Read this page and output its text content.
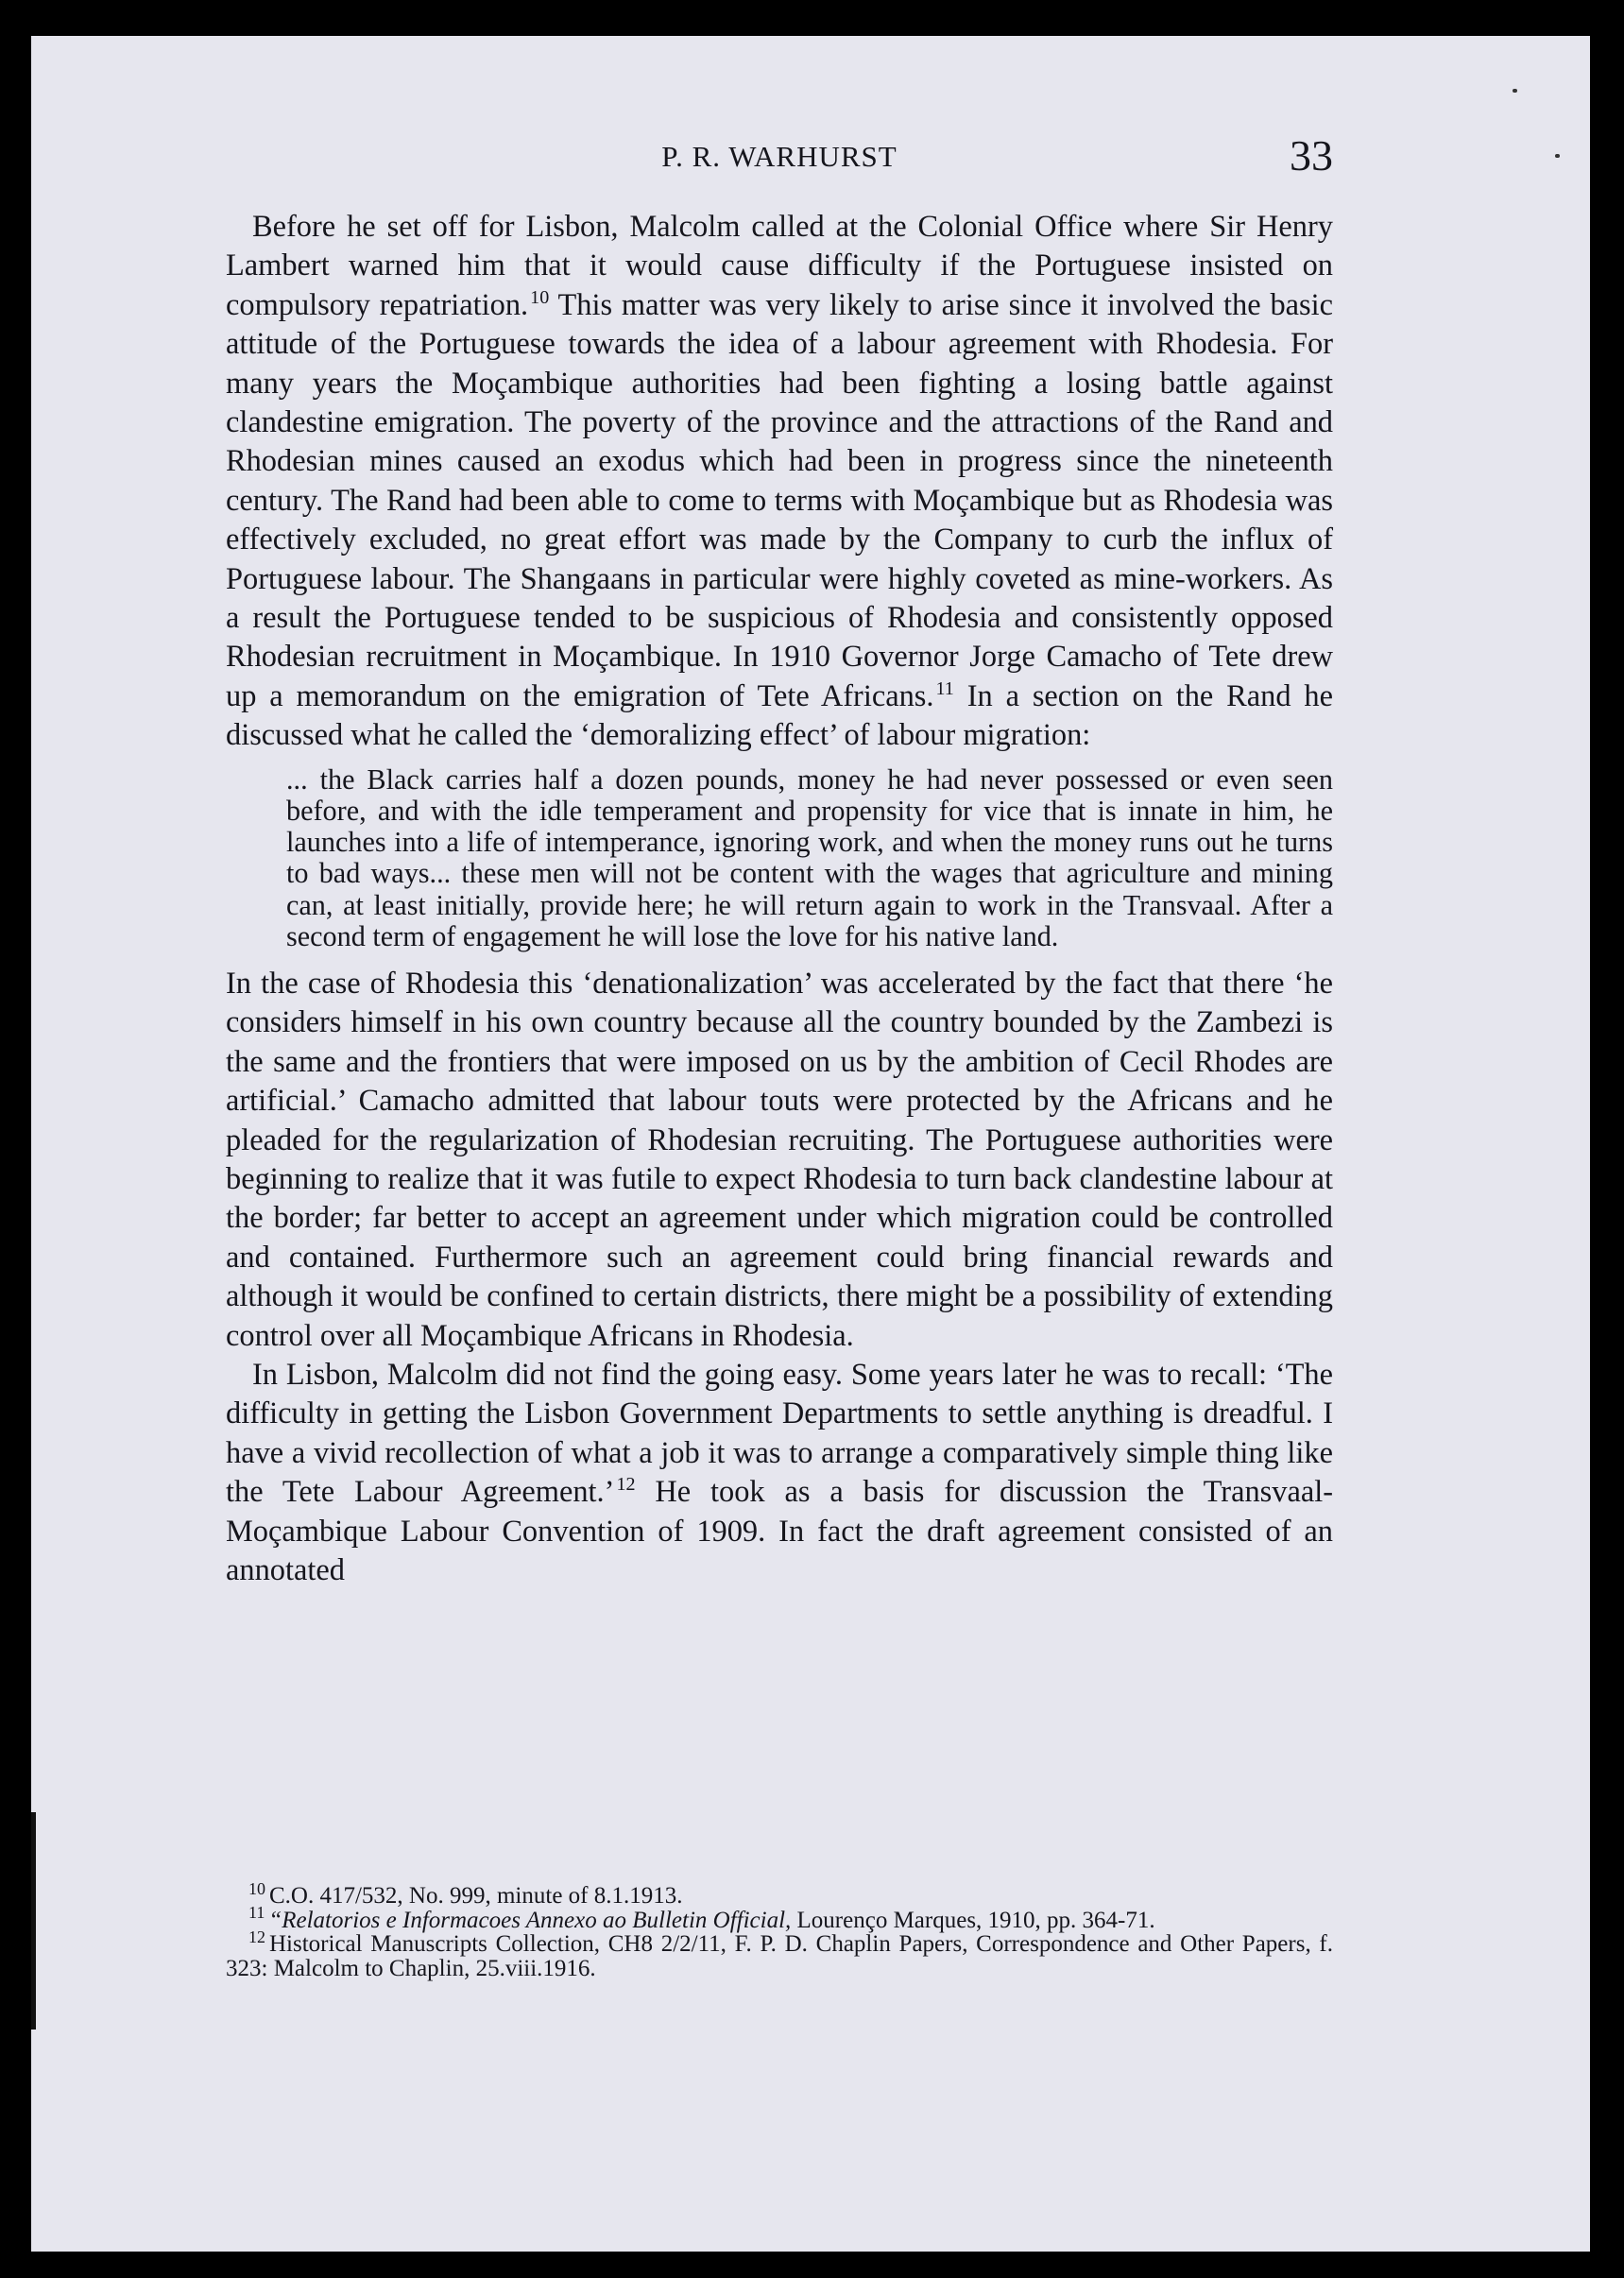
P. R. WARHURST	33

Before he set off for Lisbon, Malcolm called at the Colonial Office where Sir Henry Lambert warned him that it would cause difficulty if the Portuguese insisted on compulsory repatriation.$^{10}$ This matter was very likely to arise since it involved the basic attitude of the Portuguese towards the idea of a labour agreement with Rhodesia. For many years the Moçambique authorities had been fighting a losing battle against clandestine emigration. The poverty of the province and the attractions of the Rand and Rhodesian mines caused an exodus which had been in progress since the nineteenth century. The Rand had been able to come to terms with Moçambique but as Rhodesia was effectively excluded, no great effort was made by the Company to curb the influx of Portuguese labour. The Shangaans in particular were highly coveted as mine-workers. As a result the Portuguese tended to be suspicious of Rhodesia and consistently opposed Rhodesian recruitment in Moçambique. In 1910 Governor Jorge Camacho of Tete drew up a memorandum on the emigration of Tete Africans.$^{11}$ In a section on the Rand he discussed what he called the ‘demoralizing effect’ of labour migration:

... the Black carries half a dozen pounds, money he had never possessed or even seen before, and with the idle temperament and propensity for vice that is innate in him, he launches into a life of intemperance, ignoring work, and when the money runs out he turns to bad ways... these men will not be content with the wages that agriculture and mining can, at least initially, provide here; he will return again to work in the Transvaal. After a second term of engagement he will lose the love for his native land.

In the case of Rhodesia this ‘denationalization’ was accelerated by the fact that there ‘he considers himself in his own country because all the country bounded by the Zambezi is the same and the frontiers that were imposed on us by the ambition of Cecil Rhodes are artificial.’ Camacho admitted that labour touts were protected by the Africans and he pleaded for the regularization of Rhodesian recruiting. The Portuguese authorities were beginning to realize that it was futile to expect Rhodesia to turn back clandestine labour at the border; far better to accept an agreement under which migration could be controlled and contained. Furthermore such an agreement could bring financial rewards and although it would be confined to certain districts, there might be a possibility of extending control over all Moçambique Africans in Rhodesia.

In Lisbon, Malcolm did not find the going easy. Some years later he was to recall: ‘The difficulty in getting the Lisbon Government Departments to settle anything is dreadful. I have a vivid recollection of what a job it was to arrange a comparatively simple thing like the Tete Labour Agreement.’$^{12}$ He took as a basis for discussion the Transvaal-Moçambique Labour Convention of 1909. In fact the draft agreement consisted of an annotated

$^{10}$ C.O. 417/532, No. 999, minute of 8.1.1913.

$^{11}$ “Relatorios e Informacoes Annexo ao Bulletin Official, Lourenço Marques, 1910, pp. 364-71.

$^{12}$ Historical Manuscripts Collection, CH8 2/2/11, F. P. D. Chaplin Papers, Correspondence and Other Papers, f. 323: Malcolm to Chaplin, 25.viii.1916.
